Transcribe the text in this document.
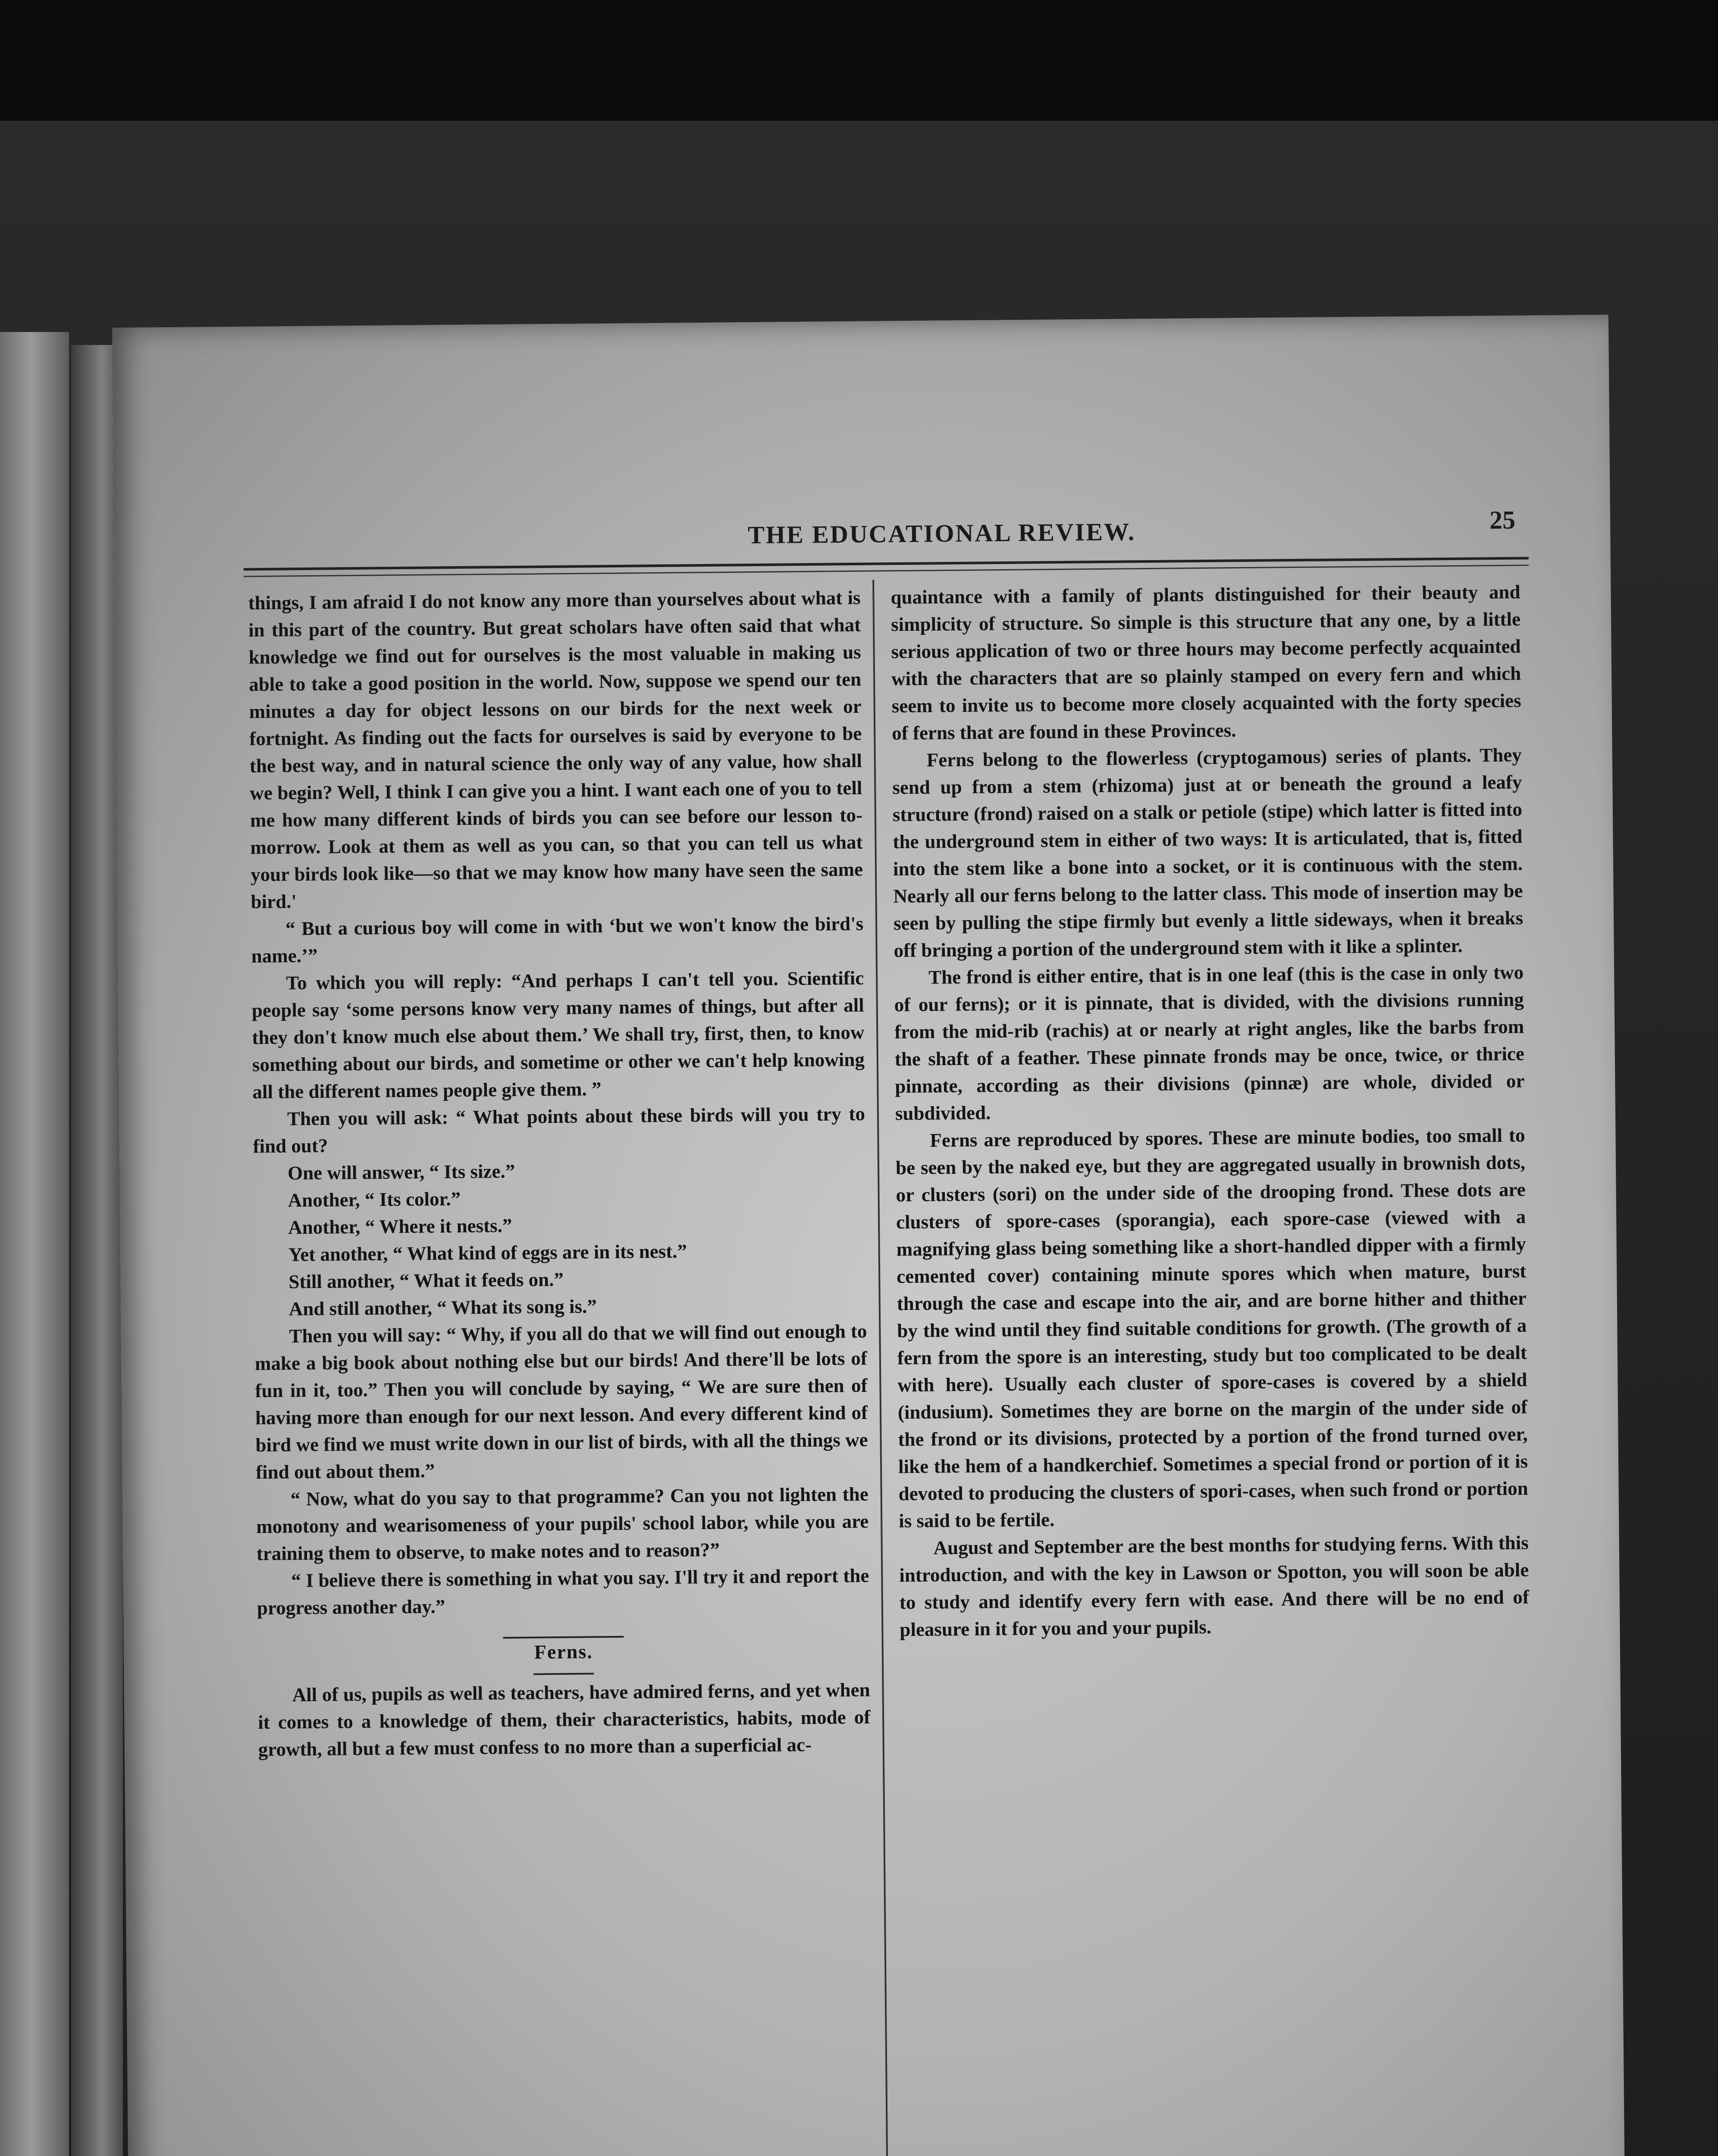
THE EDUCATIONAL REVIEW.	25

things, I am afraid I do not know any more than yourselves about what is in this part of the country. But great scholars have often said that what knowledge we find out for ourselves is the most valuable in making us able to take a good position in the world. Now, suppose we spend our ten minutes a day for object lessons on our birds for the next week or fortnight. As finding out the facts for ourselves is said by everyone to be the best way, and in natural science the only way of any value, how shall we begin? Well, I think I can give you a hint. I want each one of you to tell me how many different kinds of birds you can see before our lesson to-morrow. Look at them as well as you can, so that you can tell us what your birds look like—so that we may know how many have seen the same bird.'

“ But a curious boy will come in with ‘but we won't know the bird's name.’”

To which you will reply: “And perhaps I can't tell you. Scientific people say ‘some persons know very many names of things, but after all they don't know much else about them.’ We shall try, first, then, to know something about our birds, and sometime or other we can't help knowing all the different names people give them. ”

Then you will ask: “ What points about these birds will you try to find out?

One will answer, “ Its size.”

Another, “ Its color.”

Another, “ Where it nests.”

Yet another, “ What kind of eggs are in its nest.”

Still another, “ What it feeds on.”

And still another, “ What its song is.”

Then you will say: “ Why, if you all do that we will find out enough to make a big book about nothing else but our birds! And there'll be lots of fun in it, too.” Then you will conclude by saying, “ We are sure then of having more than enough for our next lesson. And every different kind of bird we find we must write down in our list of birds, with all the things we find out about them.”

“ Now, what do you say to that programme? Can you not lighten the monotony and wearisomeness of your pupils' school labor, while you are training them to observe, to make notes and to reason?”

“ I believe there is something in what you say. I'll try it and report the progress another day.”

Ferns.

All of us, pupils as well as teachers, have admired ferns, and yet when it comes to a knowledge of them, their characteristics, habits, mode of growth, all but a few must confess to no more than a superficial ac-

quaintance with a family of plants distinguished for their beauty and simplicity of structure. So simple is this structure that any one, by a little serious application of two or three hours may become perfectly acquainted with the characters that are so plainly stamped on every fern and which seem to invite us to become more closely acquainted with the forty species of ferns that are found in these Provinces.

Ferns belong to the flowerless (cryptogamous) series of plants. They send up from a stem (rhizoma) just at or beneath the ground a leafy structure (frond) raised on a stalk or petiole (stipe) which latter is fitted into the underground stem in either of two ways: It is articulated, that is, fitted into the stem like a bone into a socket, or it is continuous with the stem. Nearly all our ferns belong to the latter class. This mode of insertion may be seen by pulling the stipe firmly but evenly a little sideways, when it breaks off bringing a portion of the underground stem with it like a splinter.

The frond is either entire, that is in one leaf (this is the case in only two of our ferns); or it is pinnate, that is divided, with the divisions running from the mid-rib (rachis) at or nearly at right angles, like the barbs from the shaft of a feather. These pinnate fronds may be once, twice, or thrice pinnate, according as their divisions (pinnæ) are whole, divided or subdivided.

Ferns are reproduced by spores. These are minute bodies, too small to be seen by the naked eye, but they are aggregated usually in brownish dots, or clusters (sori) on the under side of the drooping frond. These dots are clusters of spore-cases (sporangia), each spore-case (viewed with a magnifying glass being something like a short-handled dipper with a firmly cemented cover) containing minute spores which when mature, burst through the case and escape into the air, and are borne hither and thither by the wind until they find suitable conditions for growth. (The growth of a fern from the spore is an interesting, study but too complicated to be dealt with here). Usually each cluster of spore-cases is covered by a shield (indusium). Sometimes they are borne on the margin of the under side of the frond or its divisions, protected by a portion of the frond turned over, like the hem of a handkerchief. Sometimes a special frond or portion of it is devoted to producing the clusters of spori-cases, when such frond or portion is said to be fertile.

August and September are the best months for studying ferns. With this introduction, and with the key in Lawson or Spotton, you will soon be able to study and identify every fern with ease. And there will be no end of pleasure in it for you and your pupils.
